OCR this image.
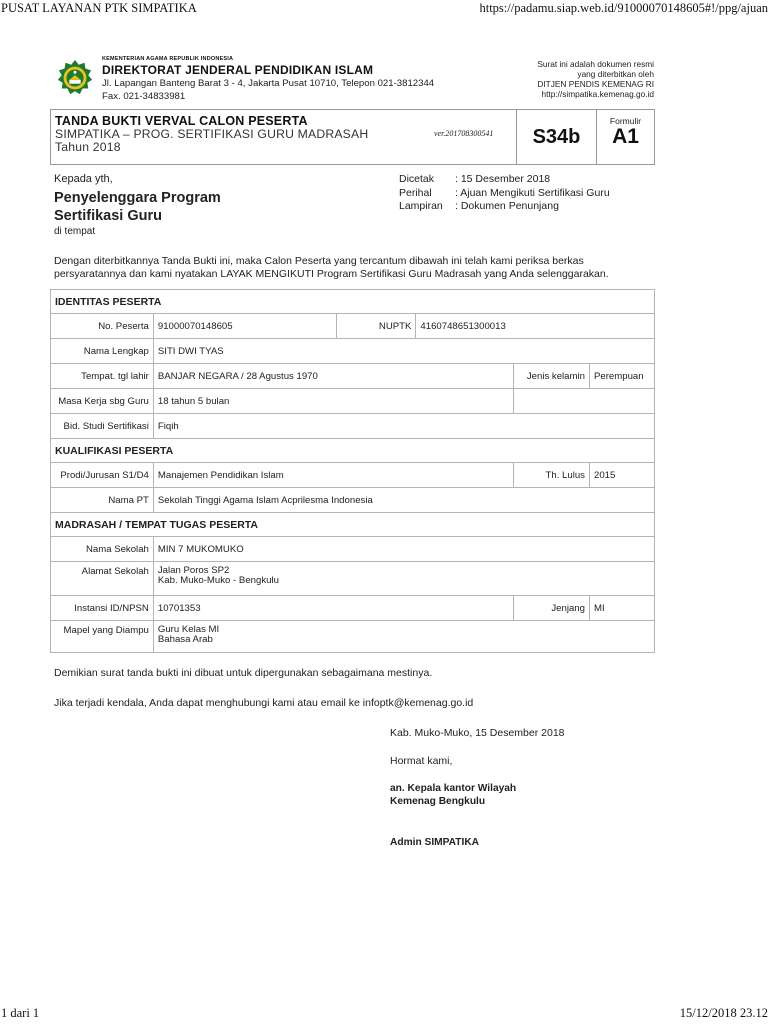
PUSAT LAYANAN PTK SIMPATIKA	https://padamu.siap.web.id/91000070148605#!/ppg/ajuan
KEMENTERIAN AGAMA REPUBLIK INDONESIA
DIREKTORAT JENDERAL PENDIDIKAN ISLAM
Jl. Lapangan Banteng Barat 3 - 4, Jakarta Pusat 10710, Telepon 021-3812344
Fax. 021-34833981
Surat ini adalah dokumen resmi
yang diterbitkan oleh
DITJEN PENDIS KEMENAG RI
http://simpatika.kemenag.go.id
TANDA BUKTI VERVAL CALON PESERTA
SIMPATIKA – PROG. SERTIFIKASI GURU MADRASAH
Tahun 2018
ver.201708300541	S34b
Formulir
A1
Kepada yth,
Penyelenggara Program
Sertifikasi Guru
di tempat
Dicetak	: 15 Desember 2018
Perihal	: Ajuan Mengikuti Sertifikasi Guru
Lampiran	: Dokumen Penunjang

Dengan diterbitkannya Tanda Bukti ini, maka Calon Peserta yang tercantum dibawah ini telah kami periksa berkas persyaratannya dan kami nyatakan LAYAK MENGIKUTI Program Sertifikasi Guru Madrasah yang Anda selenggarakan.

IDENTITAS PESERTA					
No. Peserta	91000070148605	NUPTK	4160748651300013		
Nama Lengkap	SITI DWI TYAS				
Tempat. tgl lahir	BANJAR NEGARA / 28 Agustus 1970			Jenis kelamin	Perempuan
Masa Kerja sbg Guru	18 tahun 5 bulan				
Bid. Studi Sertifikasi	Fiqih				
KUALIFIKASI PESERTA					
Prodi/Jurusan S1/D4	Manajemen Pendidikan Islam			Th. Lulus	2015
Nama PT	Sekolah Tinggi Agama Islam Acprilesma Indonesia				
MADRASAH / TEMPAT TUGAS PESERTA					
Nama Sekolah	MIN 7 MUKOMUKO				
Alamat Sekolah	Jalan Poros SP2
Kab. Muko-Muko - Bengkulu				

Instansi ID/NPSN	10701353			Jenjang	MI
Mapel yang Diampu	Guru Kelas MI
Bahasa Arab				

Demikian surat tanda bukti ini dibuat untuk dipergunakan sebagaimana mestinya.

Jika terjadi kendala, Anda dapat menghubungi kami atau email ke infoptk@kemenag.go.id

Kab. Muko-Muko, 15 Desember 2018
Hormat kami,
an. Kepala kantor Wilayah
Kemenag Bengkulu
Admin SIMPATIKA
1 dari 1	15/12/2018 23.12
